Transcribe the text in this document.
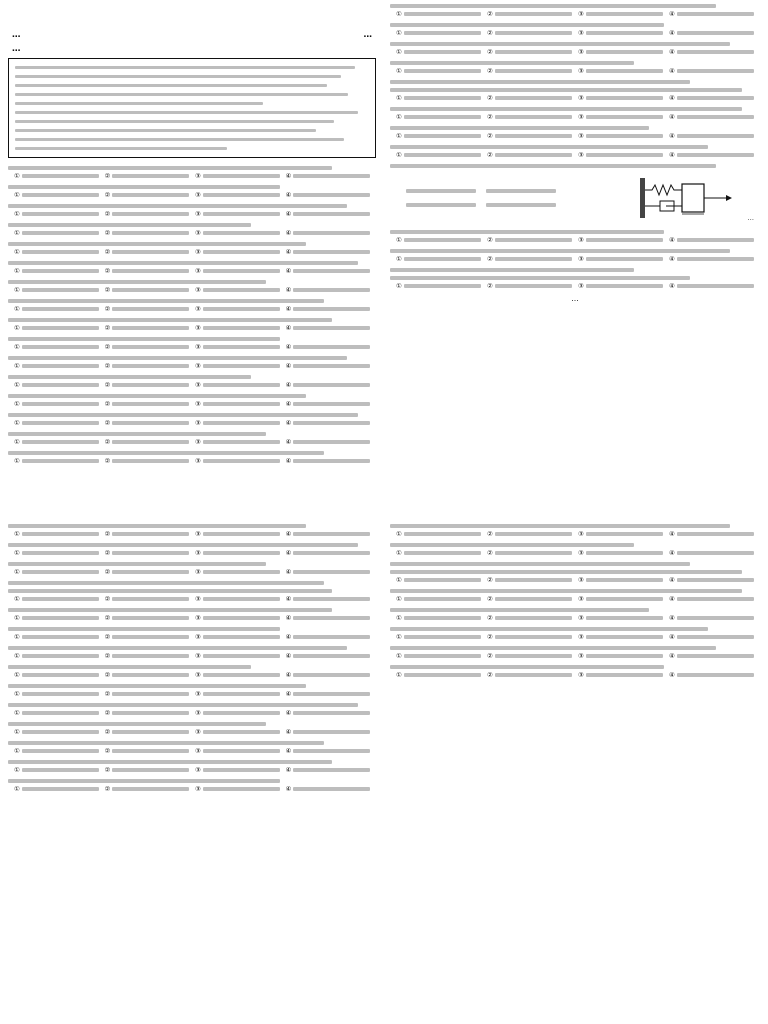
…	…
…
①	②	③	④
①	②	③	④
①	②	③	④
①	②	③	④
①	②	③	④
①	②	③	④
①	②	③	④
①	②	③	④
①	②	③	④
①	②	③	④
①	②	③	④
①	②	③	④
①	②	③	④
①	②	③	④
①	②	③	④
①	②	③	④
①	②	③	④
①	②	③	④
①	②	③	④
①	②	③	④
①	②	③	④
①	②	③	④
①	②	③	④
①	②	③	④
…
①	②	③	④
①	②	③	④
①	②	③	④
…
①	②	③	④
①	②	③	④
①	②	③	④
①	②	③	④
①	②	③	④
①	②	③	④
①	②	③	④
①	②	③	④
①	②	③	④
①	②	③	④
①	②	③	④
①	②	③	④
①	②	③	④
①	②	③	④
①	②	③	④
①	②	③	④
①	②	③	④
①	②	③	④
①	②	③	④
①	②	③	④
①	②	③	④
①	②	③	④
